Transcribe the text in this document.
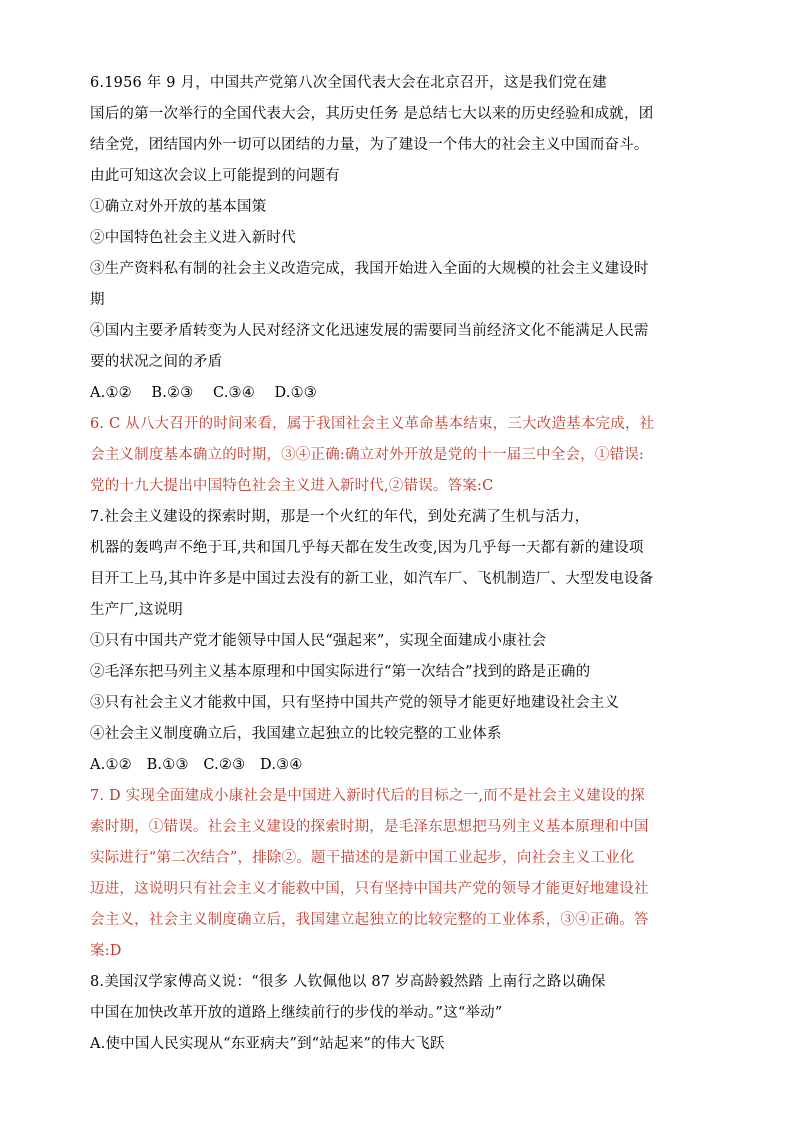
6.1956 年 9 月，中国共产党第八次全国代表大会在北京召开，这是我们党在建
国后的第一次举行的全国代表大会，其历史任务 是总结七大以来的历史经验和成就，团
结全党，团结国内外一切可以团结的力量，为了建设一个伟大的社会主义中国而奋斗。
由此可知这次会议上可能提到的问题有
①确立对外开放的基本国策
②中国特色社会主义进入新时代
③生产资料私有制的社会主义改造完成，我国开始进入全面的大规模的社会主义建设时
期
④国内主要矛盾转变为人民对经济文化迅速发展的需要同当前经济文化不能满足人民需
要的状况之间的矛盾
A.①②　 B.②③　 C.③④　 D.①③
6. C 从八大召开的时间来看，属于我国社会主义革命基本结束，三大改造基本完成，社
会主义制度基本确立的时期，③④正确:确立对外开放是党的十一届三中全会，①错误:
党的十九大提出中国特色社会主义进入新时代,②错误。答案:C
7.社会主义建设的探索时期，那是一个火红的年代，到处充满了生机与活力，
机器的轰鸣声不绝于耳,共和国几乎每天都在发生改变,因为几乎每一天都有新的建设项
目开工上马,其中许多是中国过去没有的新工业，如汽车厂、飞机制造厂、大型发电设备
生产厂,这说明
①只有中国共产党才能领导中国人民“强起来”，实现全面建成小康社会
②毛泽东把马列主义基本原理和中国实际进行“第一次结合”找到的路是正确的
③只有社会主义才能救中国，只有坚持中国共产党的领导才能更好地建设社会主义
④社会主义制度确立后，我国建立起独立的比较完整的工业体系
A.①②　B.①③　C.②③　D.③④
7. D 实现全面建成小康社会是中国进入新时代后的目标之一,而不是社会主义建设的探
索时期，①错误。社会主义建设的探索时期，是毛泽东思想把马列主义基本原理和中国
实际进行“第二次结合”，排除②。题干描述的是新中国工业起步，向社会主义工业化
迈进，这说明只有社会主义才能救中国，只有坚持中国共产党的领导才能更好地建设社
会主义，社会主义制度确立后，我国建立起独立的比较完整的工业体系，③④正确。答
案:D
8.美国汉学家傅高义说：“很多 人钦佩他以 87 岁高龄毅然踏 上南行之路以确保
中国在加快改革开放的道路上继续前行的步伐的举动。”这“举动”
A.使中国人民实现从“东亚病夫”到“站起来”的伟大飞跃
